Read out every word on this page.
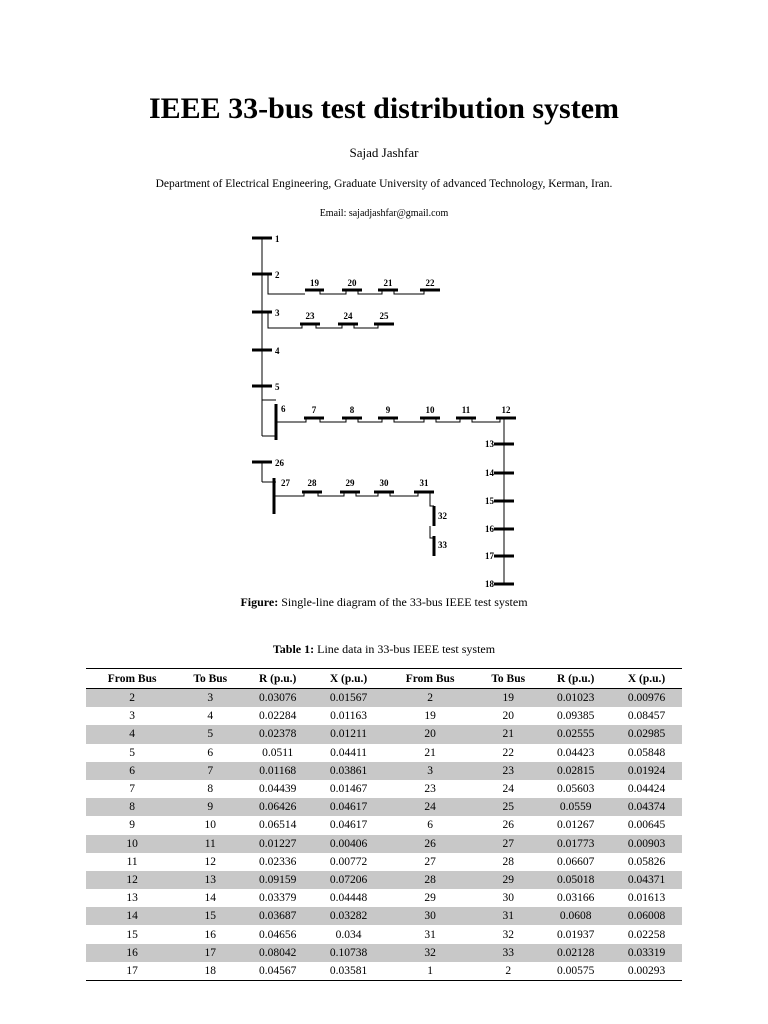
IEEE 33-bus test distribution system
Sajad Jashfar
Department of Electrical Engineering, Graduate University of advanced Technology, Kerman, Iran.
Email: sajadjashfar@gmail.com
1
2
3
4
5
26
19	20	21	22
23	24	25
6	7	8	9	10	11	12
13
14
15
16
17
18
27 28	29	30	31
32
33
Figure: Single-line diagram of the 33-bus IEEE test system
Table 1: Line data in 33-bus IEEE test system
From Bus	To Bus	R (p.u.)	X (p.u.)	From Bus	To Bus	R (p.u.)	X (p.u.)
2	3	0.03076	0.01567	2	19	0.01023	0.00976
3	4	0.02284	0.01163	19	20	0.09385	0.08457
4	5	0.02378	0.01211	20	21	0.02555	0.02985
5	6	0.0511	0.04411	21	22	0.04423	0.05848
6	7	0.01168	0.03861	3	23	0.02815	0.01924
7	8	0.04439	0.01467	23	24	0.05603	0.04424
8	9	0.06426	0.04617	24	25	0.0559	0.04374
9	10	0.06514	0.04617	6	26	0.01267	0.00645
10	11	0.01227	0.00406	26	27	0.01773	0.00903
11	12	0.02336	0.00772	27	28	0.06607	0.05826
12	13	0.09159	0.07206	28	29	0.05018	0.04371
13	14	0.03379	0.04448	29	30	0.03166	0.01613
14	15	0.03687	0.03282	30	31	0.0608	0.06008
15	16	0.04656	0.034	31	32	0.01937	0.02258
16	17	0.08042	0.10738	32	33	0.02128	0.03319
17	18	0.04567	0.03581	1	2	0.00575	0.00293
